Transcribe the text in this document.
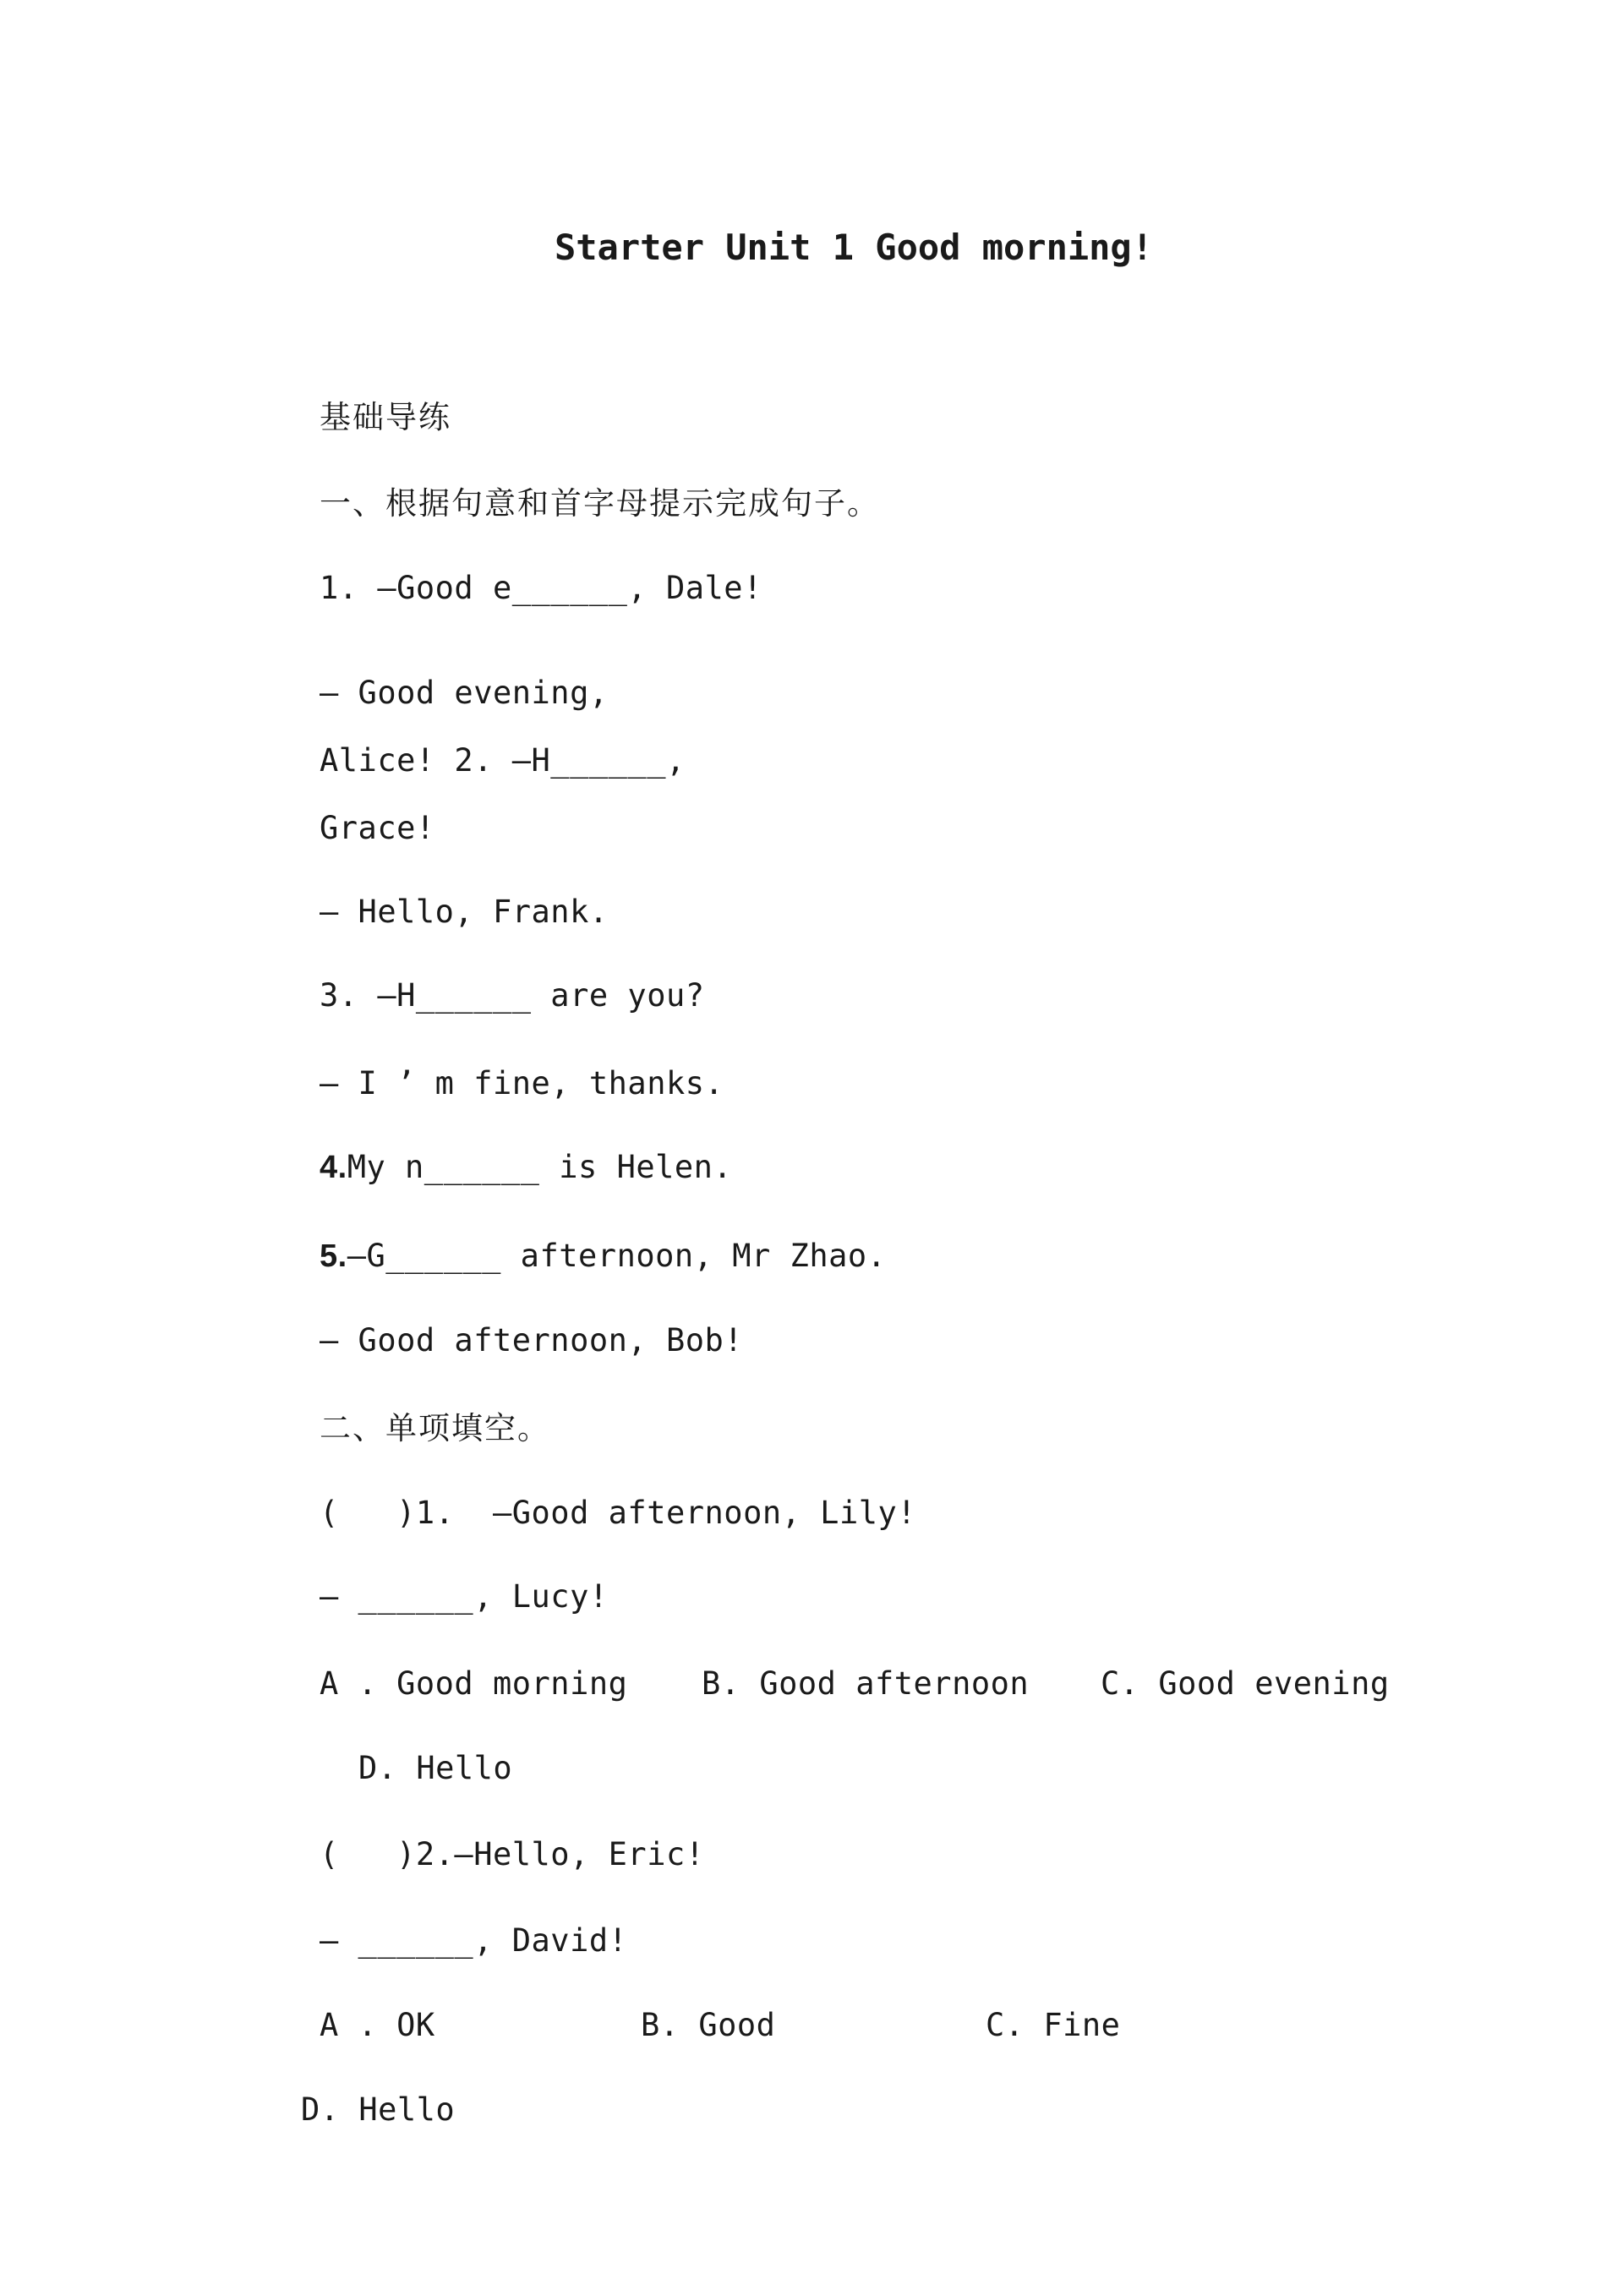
Starter Unit 1 Good morning!
基础导练
一、根据句意和首字母提示完成句子。
1. —Good e______, Dale!
— Good evening,
Alice! 2. —H______,
Grace!
— Hello, Frank.
3. —H______ are you?
— I ’ m fine, thanks.
4.My n______ is Helen.
5.—G______ afternoon, Mr Zhao.
— Good afternoon, Bob!
二、单项填空。
(   )1.  —Good afternoon, Lily!
— ______, Lucy!
A . Good morning B. Good afternoon C. Good evening
D. Hello
(   )2.—Hello, Eric!
— ______, David!
A . OK	B. Good	C. Fine
D. Hello
